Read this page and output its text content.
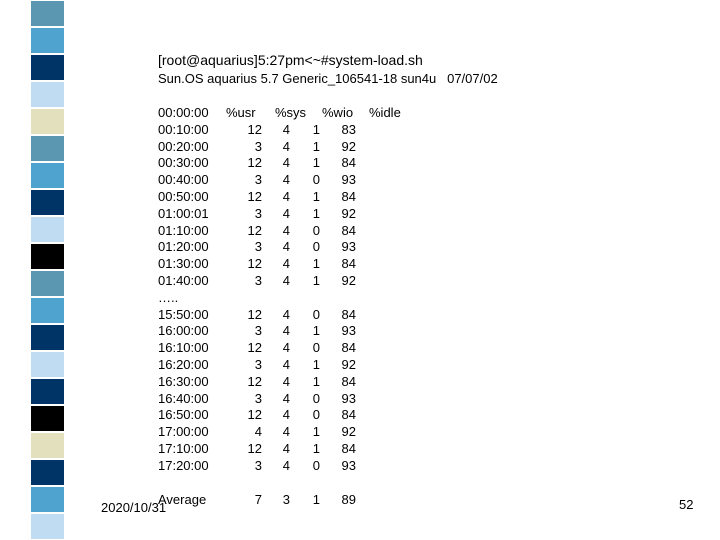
[root@aquarius]5:27pm<~#system-load.sh
Sun.OS aquarius 5.7 Generic_106541-18 sun4u   07/07/02
00:00:00 %usr %sys %wio %idle
00:10:00	12	4	1	83
00:20:00	3	4	1	92
00:30:00	12	4	1	84
00:40:00	3	4	0	93
00:50:00	12	4	1	84
01:00:01	3	4	1	92
01:10:00	12	4	0	84
01:20:00	3	4	0	93
01:30:00	12	4	1	84
01:40:00	3	4	1	92
…..
15:50:00	12	4	0	84
16:00:00	3	4	1	93
16:10:00	12	4	0	84
16:20:00	3	4	1	92
16:30:00	12	4	1	84
16:40:00	3	4	0	93
16:50:00	12	4	0	84
17:00:00	4	4	1	92
17:10:00	12	4	1	84
17:20:00	3	4	0	93
Average	7	3	1	89
2020/10/31	52
